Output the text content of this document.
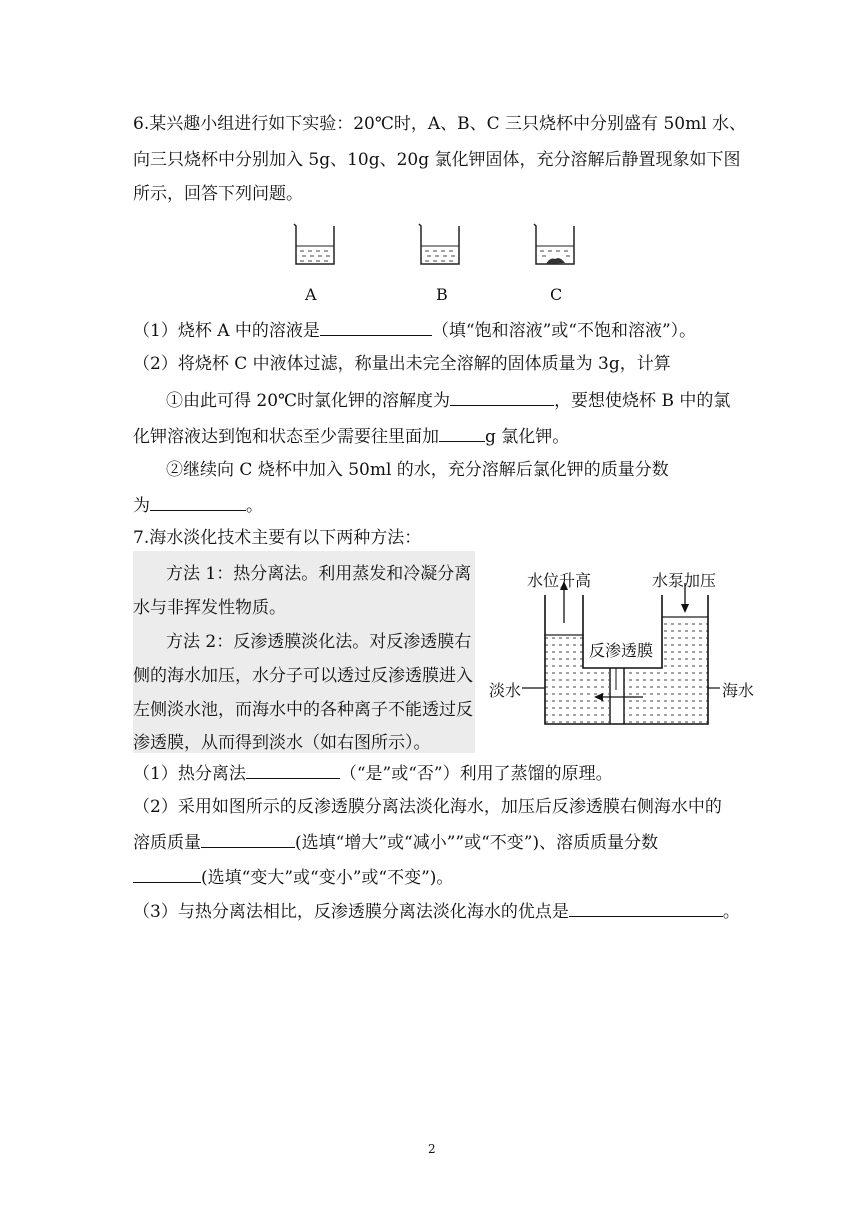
6.某兴趣小组进行如下实验：20℃时，A、B、C 三只烧杯中分别盛有 50ml 水、
向三只烧杯中分别加入 5g、10g、20g 氯化钾固体，充分溶解后静置现象如下图
所示，回答下列问题。
A	B	C
（1）烧杯 A 中的溶液是	（填“饱和溶液”或“不饱和溶液”）。
（2）将烧杯 C 中液体过滤，称量出未完全溶解的固体质量为 3g，计算
①由此可得 20℃时氯化钾的溶解度为	，要想使烧杯 B 中的氯
化钾溶液达到饱和状态至少需要往里面加	g 氯化钾。
②继续向 C 烧杯中加入 50ml 的水，充分溶解后氯化钾的质量分数
为	。
7.海水淡化技术主要有以下两种方法：
方法 1：热分离法。利用蒸发和冷凝分离
水与非挥发性物质。
方法 2：反渗透膜淡化法。对反渗透膜右
侧的海水加压，水分子可以透过反渗透膜进入
左侧淡水池，而海水中的各种离子不能透过反
渗透膜，从而得到淡水（如右图所示）。
水位升高	水泵加压
反渗透膜
淡水	海水
（1）热分离法	（“是”或“否”）利用了蒸馏的原理。
（2）采用如图所示的反渗透膜分离法淡化海水，加压后反渗透膜右侧海水中的
溶质质量	(选填“增大”或“减小””或“不变”)、溶质质量分数
(选填“变大”或“变小”或“不变”)。
（3）与热分离法相比，反渗透膜分离法淡化海水的优点是	。
2
